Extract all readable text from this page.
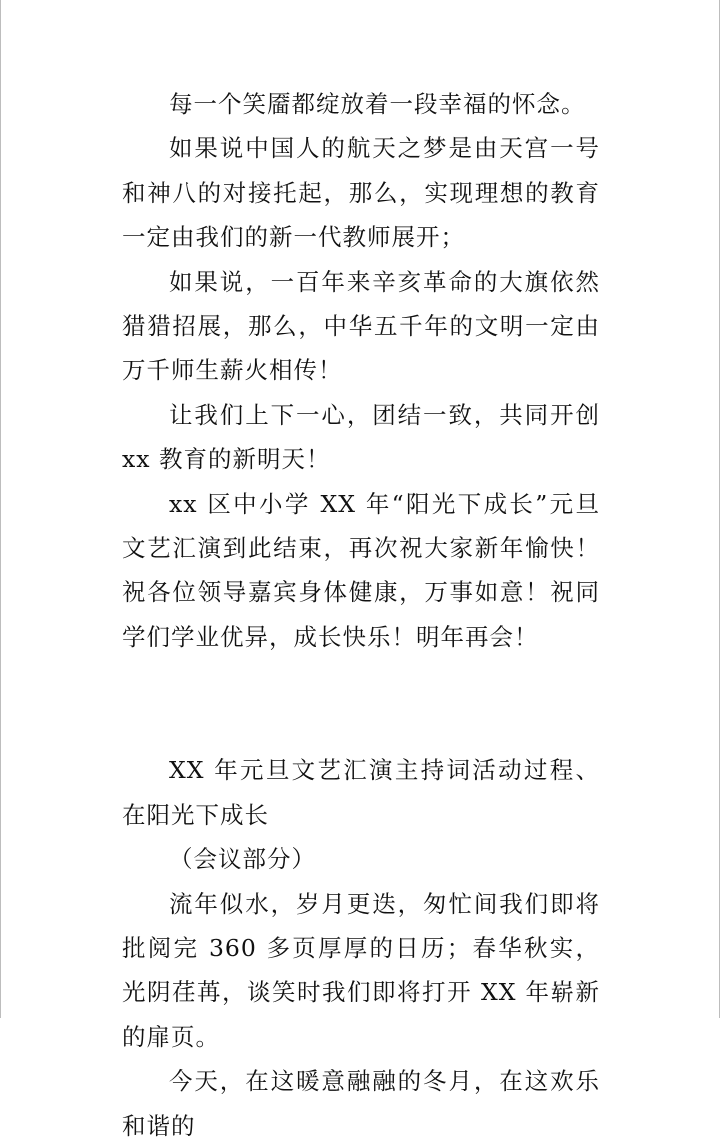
每一个笑靥都绽放着一段幸福的怀念。

如果说中国人的航天之梦是由天宫一号和神八的对接托起，那么，实现理想的教育一定由我们的新一代教师展开；

如果说，一百年来辛亥革命的大旗依然猎猎招展，那么，中华五千年的文明一定由万千师生薪火相传！

让我们上下一心，团结一致，共同开创 xx 教育的新明天！

xx 区中小学 XX 年“阳光下成长”元旦文艺汇演到此结束，再次祝大家新年愉快！祝各位领导嘉宾身体健康，万事如意！祝同学们学业优异，成长快乐！明年再会！

XX 年元旦文艺汇演主持词活动过程、在阳光下成长

（会议部分）

流年似水，岁月更迭，匆忙间我们即将批阅完 360 多页厚厚的日历；春华秋实，光阴荏苒，谈笑时我们即将打开 XX 年崭新的扉页。

今天，在这暖意融融的冬月，在这欢乐和谐的
